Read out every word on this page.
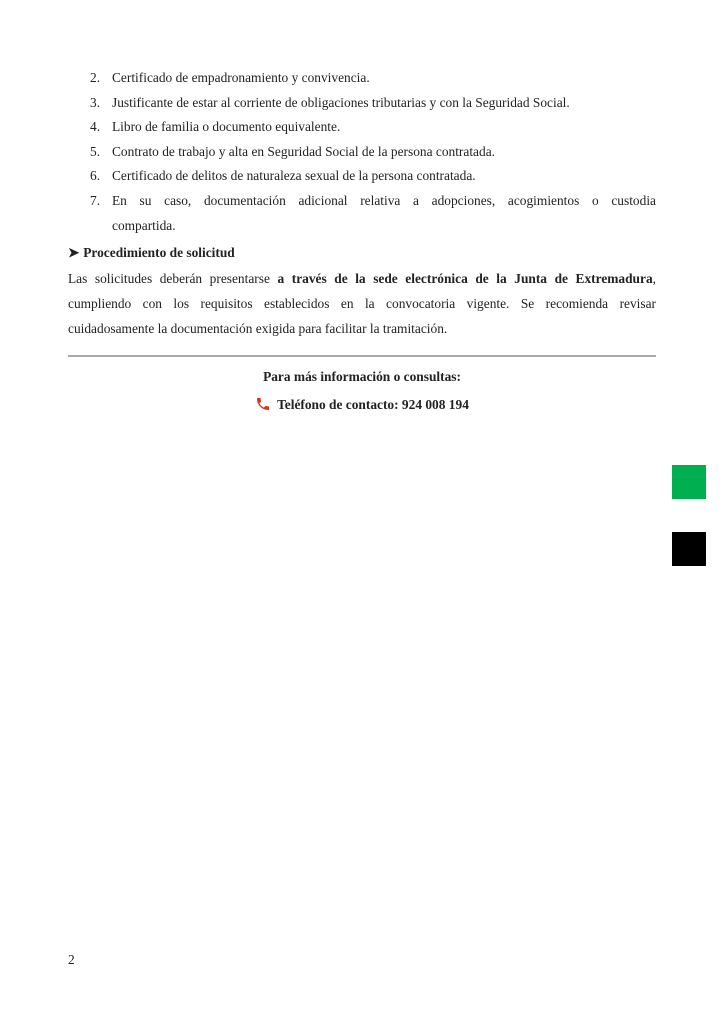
2. Certificado de empadronamiento y convivencia.
3. Justificante de estar al corriente de obligaciones tributarias y con la Seguridad Social.
4. Libro de familia o documento equivalente.
5. Contrato de trabajo y alta en Seguridad Social de la persona contratada.
6. Certificado de delitos de naturaleza sexual de la persona contratada.
7. En su caso, documentación adicional relativa a adopciones, acogimientos o custodia
compartida.
➤ Procedimiento de solicitud

Las solicitudes deberán presentarse a través de la sede electrónica de la Junta de Extremadura,
cumpliendo con los requisitos establecidos en la convocatoria vigente. Se recomienda revisar
cuidadosamente la documentación exigida para facilitar la tramitación.

Para más información o consultas:

Teléfono de contacto: 924 008 194

2
